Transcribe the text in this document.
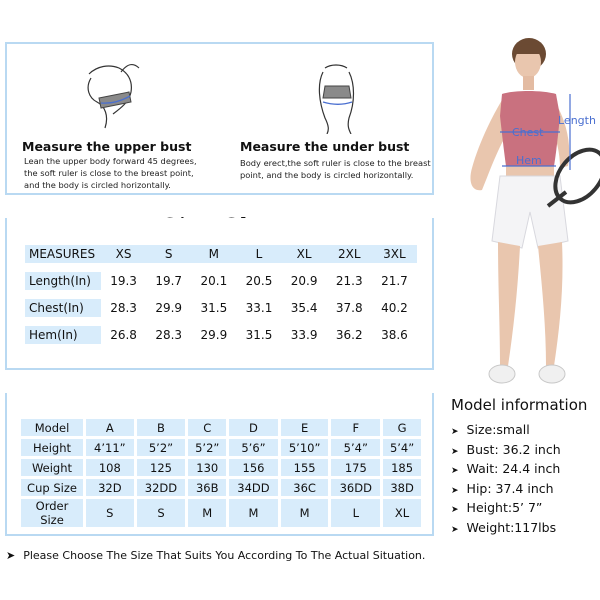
Measure the upper bust
Lean the upper body forward 45 degrees,
the soft ruler is close to the breast point,
and the body is circled horizontally.
Measure the under bust
Body erect,the soft ruler is close to the breast
point, and the body is circled horizontally.
MEASURES	XS	S	M	L	XL	2XL	3XL

Length(In)	19.3	19.7	20.1	20.5	20.9	21.3	21.7

Chest(In)	28.3	29.9	31.5	33.1	35.4	37.8	40.2

Hem(In)	26.8	28.3	29.9	31.5	33.9	36.2	38.6
Model	A	B	C	D	E	F	G
Height	4’11”	5’2”	5’2”	5’6”	5’10”	5’4”	5’4”
Weight	108	125	130	156	155	175	185
Cup Size	32D	32DD	36B	34DD	36C	36DD	38D
Order Size	S	S	M	M	M	L	XL
Chest
Length
Hem
Model information
➤ Size:small
➤ Bust: 36.2 inch
➤ Wait: 24.4 inch
➤ Hip: 37.4 inch
➤ Height:5’ 7”
➤ Weight:117lbs
➤ Please Choose The Size That Suits You According To The Actual Situation.
